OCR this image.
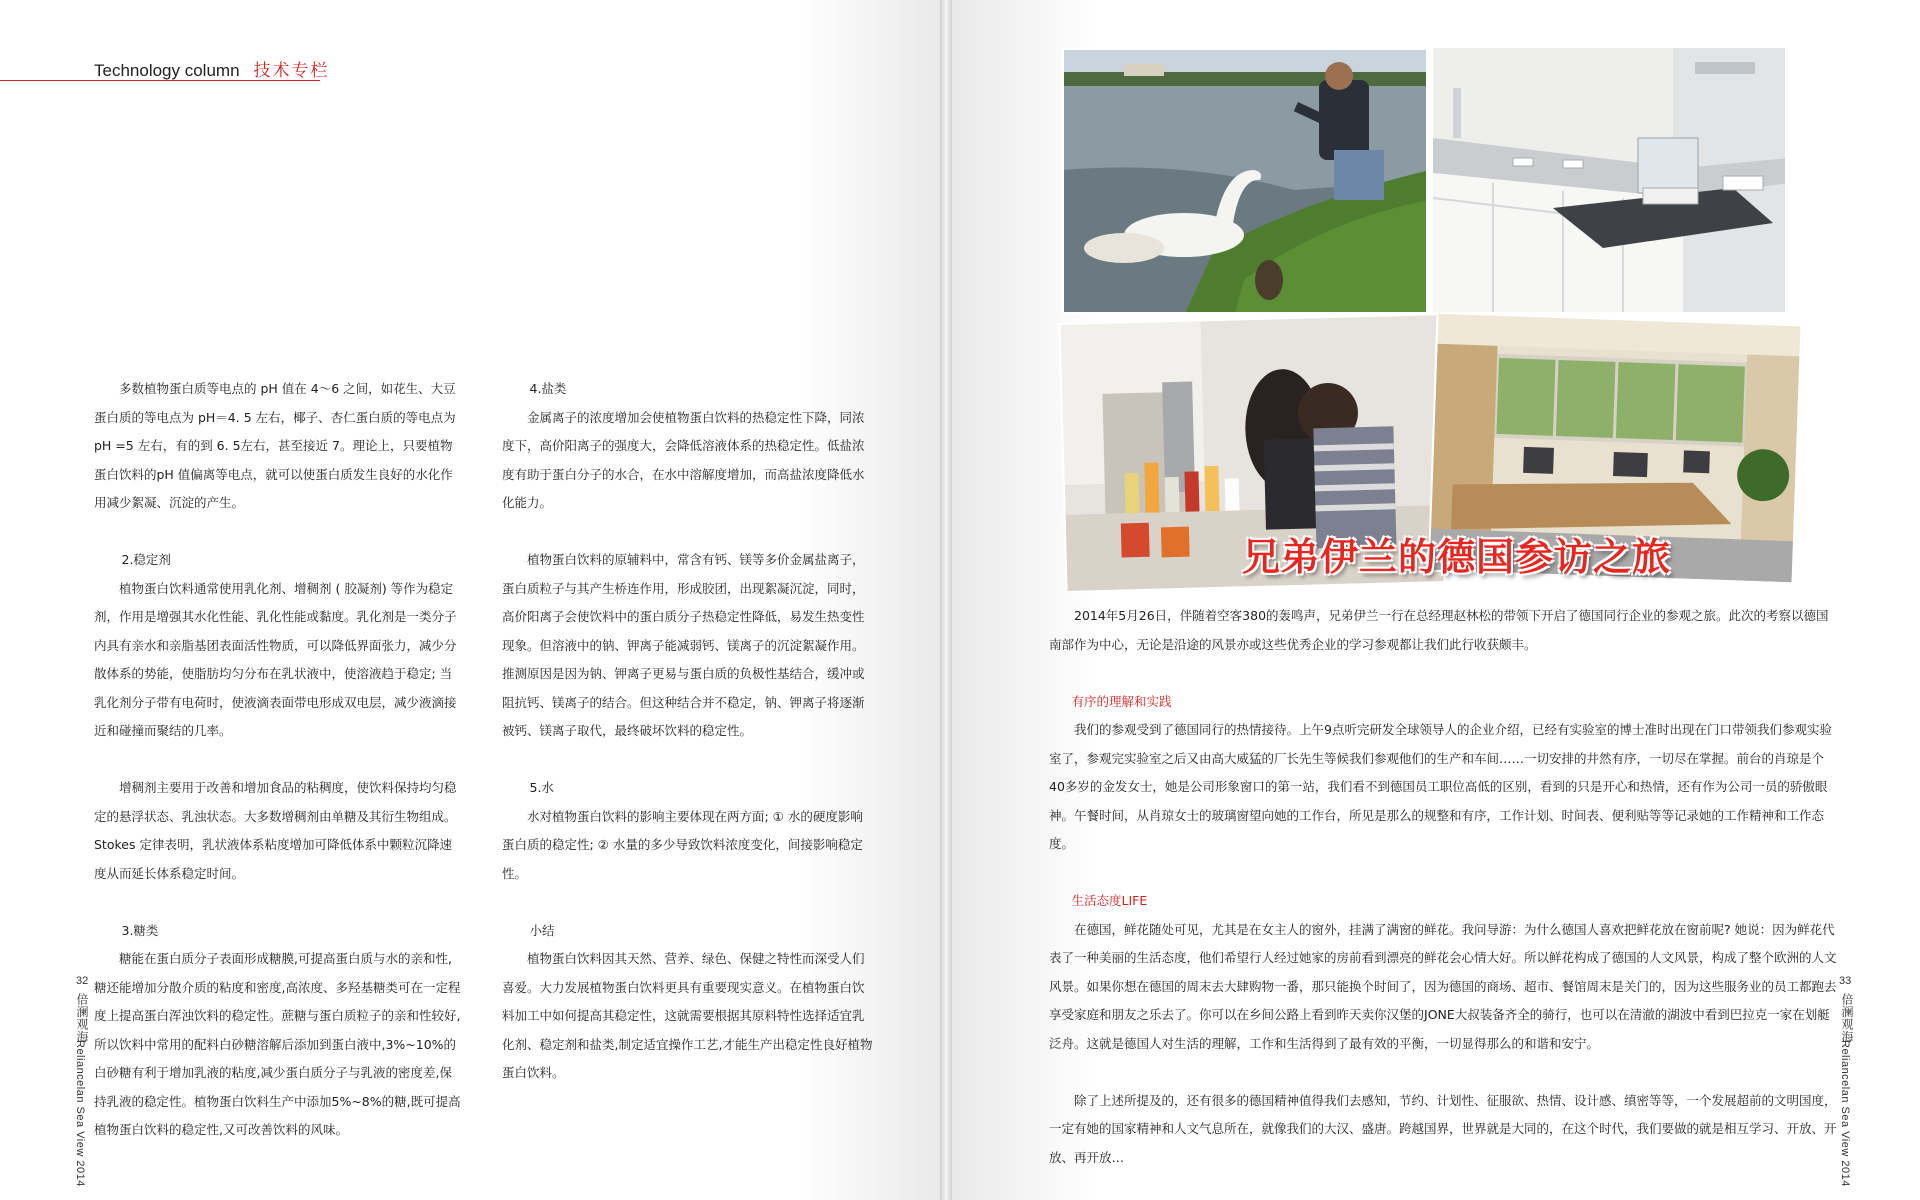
Technology column 技术专栏

多数植物蛋白质等电点的 pH 值在 4～6 之间，如花生、大豆蛋白质的等电点为 pH＝4. 5 左右，椰子、杏仁蛋白质的等电点为 pH =5 左右，有的到 6. 5左右，甚至接近 7。理论上，只要植物蛋白饮料的pH 值偏离等电点，就可以使蛋白质发生良好的水化作用减少絮凝、沉淀的产生。

2.稳定剂

植物蛋白饮料通常使用乳化剂、增稠剂 ( 胶凝剂) 等作为稳定剂，作用是增强其水化性能、乳化性能或黏度。乳化剂是一类分子内具有亲水和亲脂基团表面活性物质，可以降低界面张力，减少分散体系的势能，使脂肪均匀分布在乳状液中，使溶液趋于稳定; 当乳化剂分子带有电荷时，使液滴表面带电形成双电层，减少液滴接近和碰撞而聚结的几率。

增稠剂主要用于改善和增加食品的粘稠度，使饮料保持均匀稳定的悬浮状态、乳浊状态。大多数增稠剂由单糖及其衍生物组成。Stokes 定律表明，乳状液体系粘度增加可降低体系中颗粒沉降速度从而延长体系稳定时间。

3.糖类

糖能在蛋白质分子表面形成糖膜,可提高蛋白质与水的亲和性,糖还能增加分散介质的粘度和密度,高浓度、多羟基糖类可在一定程度上提高蛋白浑浊饮料的稳定性。蔗糖与蛋白质粒子的亲和性较好,所以饮料中常用的配料白砂糖溶解后添加到蛋白液中,3%~10%的白砂糖有利于增加乳液的粘度,减少蛋白质分子与乳液的密度差,保持乳液的稳定性。植物蛋白饮料生产中添加5%~8%的糖,既可提高植物蛋白饮料的稳定性,又可改善饮料的风味。

4.盐类

金属离子的浓度增加会使植物蛋白饮料的热稳定性下降，同浓度下，高价阳离子的强度大，会降低溶液体系的热稳定性。低盐浓度有助于蛋白分子的水合，在水中溶解度增加，而高盐浓度降低水化能力。

植物蛋白饮料的原辅料中，常含有钙、镁等多价金属盐离子，蛋白质粒子与其产生桥连作用，形成胶团，出现絮凝沉淀，同时，高价阳离子会使饮料中的蛋白质分子热稳定性降低，易发生热变性现象。但溶液中的钠、钾离子能减弱钙、镁离子的沉淀絮凝作用。推测原因是因为钠、钾离子更易与蛋白质的负极性基结合，缓冲或阻抗钙、镁离子的结合。但这种结合并不稳定，钠、钾离子将逐渐被钙、镁离子取代，最终破坏饮料的稳定性。

5.水

水对植物蛋白饮料的影响主要体现在两方面; ① 水的硬度影响蛋白质的稳定性; ② 水量的多少导致饮料浓度变化，间接影响稳定性。

小结

植物蛋白饮料因其天然、营养、绿色、保健之特性而深受人们喜爱。大力发展植物蛋白饮料更具有重要现实意义。在植物蛋白饮料加工中如何提高其稳定性，这就需要根据其原料特性选择适宜乳化剂、稳定剂和盐类,制定适宜操作工艺,才能生产出稳定性良好植物蛋白饮料。

32
倍澜观海
Reliancelan Sea View 2014
兄弟伊兰的德国参访之旅

2014年5月26日，伴随着空客380的轰鸣声，兄弟伊兰一行在总经理赵林松的带领下开启了德国同行企业的参观之旅。此次的考察以德国南部作为中心，无论是沿途的风景亦或这些优秀企业的学习参观都让我们此行收获颇丰。

有序的理解和实践

我们的参观受到了德国同行的热情接待。上午9点听完研发全球领导人的企业介绍，已经有实验室的博士准时出现在门口带领我们参观实验室了，参观完实验室之后又由高大威猛的厂长先生等候我们参观他们的生产和车间……一切安排的井然有序，一切尽在掌握。前台的肖琼是个40多岁的金发女士，她是公司形象窗口的第一站，我们看不到德国员工职位高低的区别，看到的只是开心和热情，还有作为公司一员的骄傲眼神。午餐时间，从肖琼女士的玻璃窗望向她的工作台，所见是那么的规整和有序，工作计划、时间表、便利贴等等记录她的工作精神和工作态度。

生活态度LIFE

在德国，鲜花随处可见，尤其是在女主人的窗外，挂满了满窗的鲜花。我问导游：为什么德国人喜欢把鲜花放在窗前呢? 她说：因为鲜花代表了一种美丽的生活态度，他们希望行人经过她家的房前看到漂亮的鲜花会心情大好。所以鲜花构成了德国的人文风景，构成了整个欧洲的人文风景。如果你想在德国的周末去大肆购物一番，那只能换个时间了，因为德国的商场、超市、餐馆周末是关门的，因为这些服务业的员工都跑去享受家庭和朋友之乐去了。你可以在乡间公路上看到昨天卖你汉堡的JONE大叔装备齐全的骑行，也可以在清澈的湖波中看到巴拉克一家在划艇泛舟。这就是德国人对生活的理解，工作和生活得到了最有效的平衡，一切显得那么的和谐和安宁。

除了上述所提及的，还有很多的德国精神值得我们去感知，节约、计划性、征服欲、热情、设计感、缜密等等，一个发展超前的文明国度，一定有她的国家精神和人文气息所在，就像我们的大汉、盛唐。跨越国界，世界就是大同的，在这个时代，我们要做的就是相互学习、开放、开放、再开放…

33
倍澜观海
Reliancelan Sea View 2014
